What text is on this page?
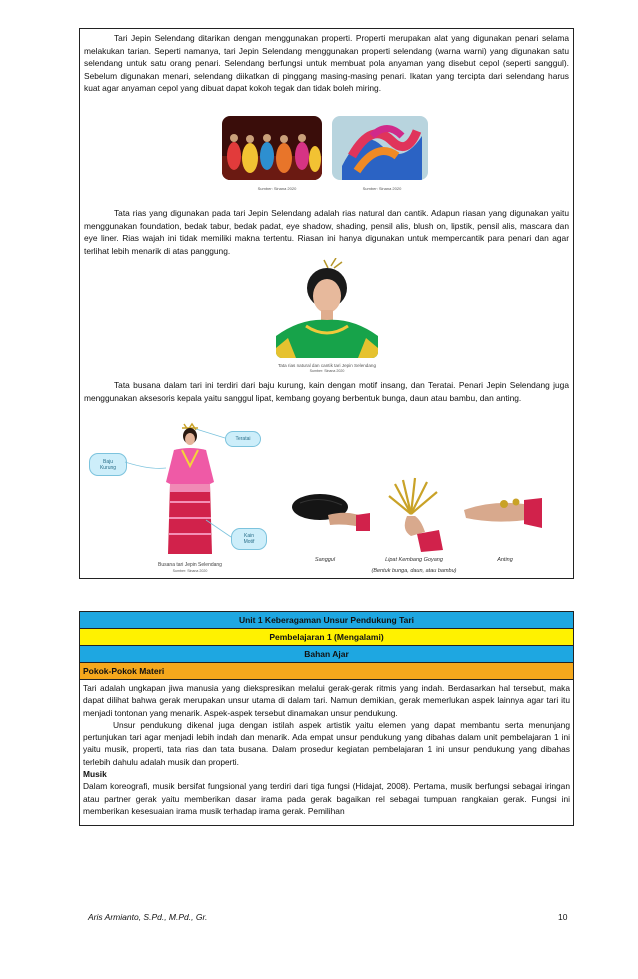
Tari Jepin Selendang ditarikan dengan menggunakan properti. Properti merupakan alat yang digunakan penari selama melakukan tarian. Seperti namanya, tari Jepin Selendang menggunakan properti selendang (warna warni) yang digunakan satu selendang untuk satu orang penari. Selendang berfungsi untuk membuat pola anyaman yang disebut cepol (seperti sanggul). Sebelum digunakan menari, selendang diikatkan di pinggang masing-masing penari. Ikatan yang tercipta dari selendang harus kuat agar anyaman cepol yang dibuat dapat kokoh tegak dan tidak boleh miring.

Sumber: Sinana 2020	Sumber: Sinana 2020

Tata rias yang digunakan pada tari Jepin Selendang adalah rias natural dan cantik. Adapun riasan yang digunakan yaitu menggunakan foundation, bedak tabur, bedak padat, eye shadow, shading, pensil alis, blush on, lipstik, pensil alis, mascara dan eye liner. Rias wajah ini tidak memiliki makna tertentu. Riasan ini hanya digunakan untuk mempercantik para penari dan agar terlihat lebih menarik di atas panggung.

Tata rias natural dan cantik tari Jepin Selendang
Sumber: Sinana 2020

Tata busana dalam tari ini terdiri dari baju kurung, kain dengan motif insang, dan Teratai. Penari Jepin Selendang juga menggunakan aksesoris kepala yaitu sanggul lipat, kembang goyang berbentuk bunga, daun atau bambu, dan anting.

Teratai
Baju
Kurung
Kain
Motif
Busana tari Jepin Selendang
Sumber: Sinana 2020
Sanggul	Lipat Kembang Goyang
(Bentuk bunga, daun, atau bambu)
Anting
Unit 1 Keberagaman Unsur Pendukung Tari
Pembelajaran 1 (Mengalami)
Bahan Ajar
Pokok-Pokok Materi

Tari adalah ungkapan jiwa manusia yang diekspresikan melalui gerak-gerak ritmis yang indah. Berdasarkan hal tersebut, maka dapat dilihat bahwa gerak merupakan unsur utama di dalam tari. Namun demikian, gerak memerlukan aspek lainnya agar tari itu menjadi tontonan yang menarik. Aspek-aspek tersebut dinamakan unsur pendukung.

Unsur pendukung dikenal juga dengan istilah aspek artistik yaitu elemen yang dapat membantu serta menunjang pertunjukan tari agar menjadi lebih indah dan menarik. Ada empat unsur pendukung yang dibahas dalam unit pembelajaran 1 ini yaitu musik, properti, tata rias dan tata busana. Dalam prosedur kegiatan pembelajaran 1 ini unsur pendukung yang dibahas terlebih dahulu adalah musik dan properti.

Musik

Dalam koreografi, musik bersifat fungsional yang terdiri dari tiga fungsi (Hidajat, 2008). Pertama, musik berfungsi sebagai iringan atau partner gerak yaitu memberikan dasar irama pada gerak bagaikan rel sebagai tumpuan rangkaian gerak. Fungsi ini memberikan kesesuaian irama musik terhadap irama gerak. Pemilihan

Aris Armianto, S.Pd., M.Pd., Gr.	10
